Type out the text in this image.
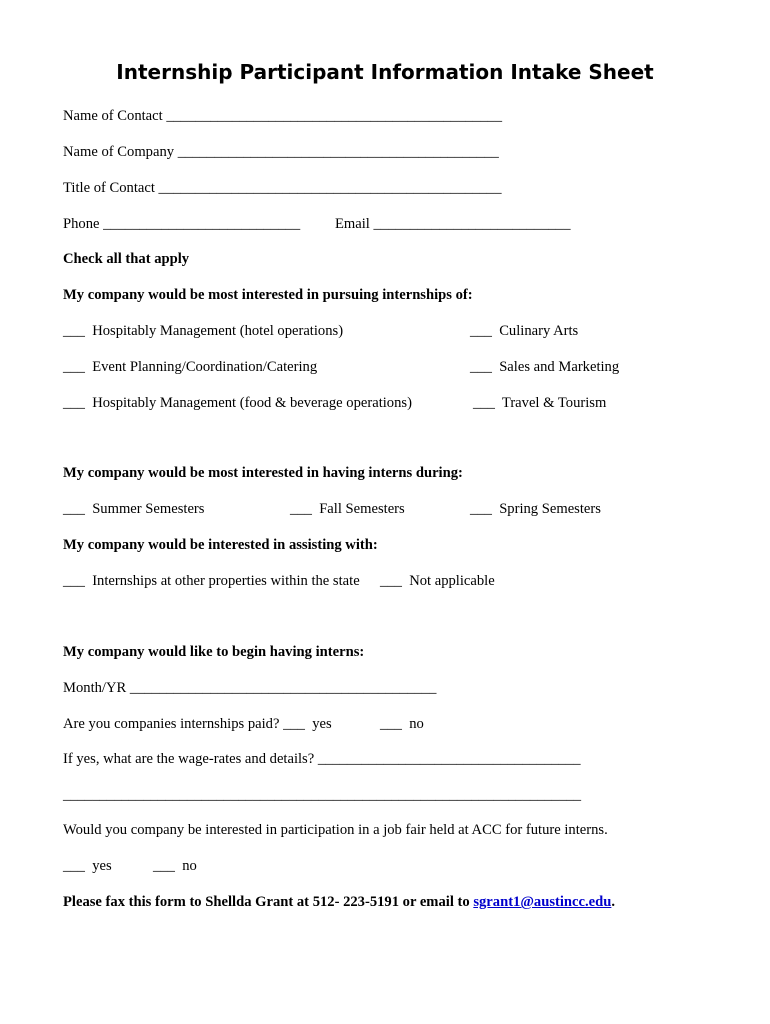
Internship Participant Information Intake Sheet
Name of Contact ______________________________________________
Name of Company ____________________________________________
Title of Contact _______________________________________________
Phone ___________________________ Email ___________________________
Check all that apply
My company would be most interested in pursuing internships of:
___  Hospitably Management (hotel operations)	___  Culinary Arts
___  Event Planning/Coordination/Catering	___  Sales and Marketing
___  Hospitably Management (food & beverage operations)	___  Travel & Tourism
My company would be most interested in having interns during:
___  Summer Semesters	___  Fall Semesters	___  Spring Semesters
My company would be interested in assisting with:
___  Internships at other properties within the state ___  Not applicable
My company would like to begin having interns:
Month/YR __________________________________________
Are you companies internships paid? ___  yes	___  no
If yes, what are the wage-rates and details? ____________________________________
_______________________________________________________________________
Would you company be interested in participation in a job fair held at ACC for future interns.
___  yes	___  no
Please fax this form to Shellda Grant at 512- 223-5191 or email to sgrant1@austincc.edu.
